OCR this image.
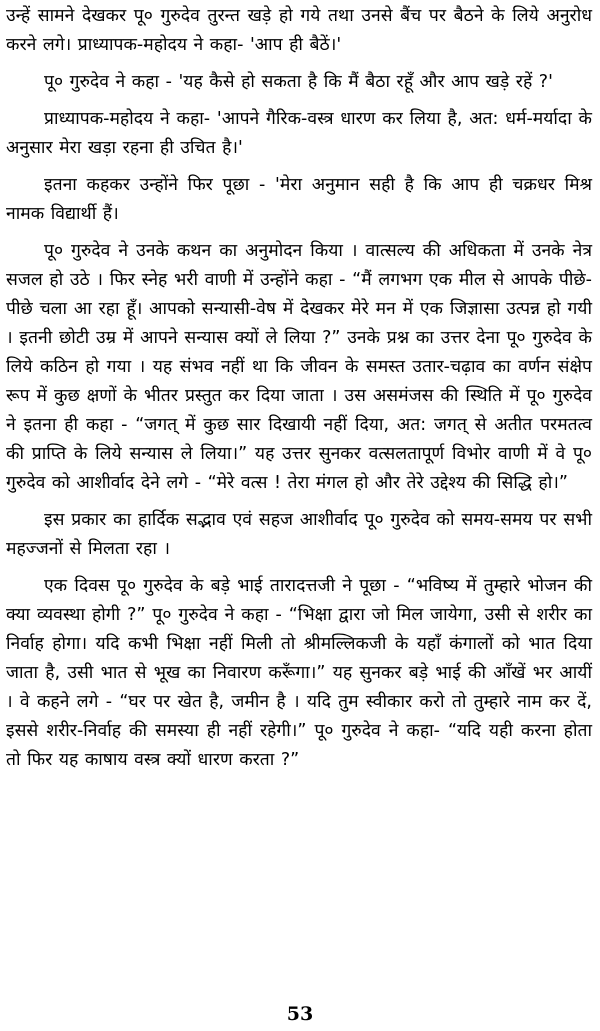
उन्हें सामने देखकर पू० गुरुदेव तुरन्त खड़े हो गये तथा उनसे बैंच पर बैठने के लिये अनुरोध करने लगे। प्राध्यापक-महोदय ने कहा- 'आप ही बैठें।'

पू० गुरुदेव ने कहा - 'यह कैसे हो सकता है कि मैं बैठा रहूँ और आप खड़े रहें ?'

प्राध्यापक-महोदय ने कहा- 'आपने गैरिक-वस्त्र धारण कर लिया है, अत: धर्म-मर्यादा के अनुसार मेरा खड़ा रहना ही उचित है।'

इतना कहकर उन्होंने फिर पूछा - 'मेरा अनुमान सही है कि आप ही चक्रधर मिश्र नामक विद्यार्थी हैं।

पू० गुरुदेव ने उनके कथन का अनुमोदन किया । वात्सल्य की अधिकता में उनके नेत्र सजल हो उठे । फिर स्नेह भरी वाणी में उन्होंने कहा - “मैं लगभग एक मील से आपके पीछे-पीछे चला आ रहा हूँ। आपको सन्यासी-वेष में देखकर मेरे मन में एक जिज्ञासा उत्पन्न हो गयी । इतनी छोटी उम्र में आपने सन्यास क्यों ले लिया ?” उनके प्रश्न का उत्तर देना पू० गुरुदेव के लिये कठिन हो गया । यह संभव नहीं था कि जीवन के समस्त उतार-चढ़ाव का वर्णन संक्षेप रूप में कुछ क्षणों के भीतर प्रस्तुत कर दिया जाता । उस असमंजस की स्थिति में पू० गुरुदेव ने इतना ही कहा - “जगत् में कुछ सार दिखायी नहीं दिया, अत: जगत् से अतीत परमतत्व की प्राप्ति के लिये सन्यास ले लिया।” यह उत्तर सुनकर वत्सलतापूर्ण विभोर वाणी में वे पू० गुरुदेव को आशीर्वाद देने लगे - “मेरे वत्स ! तेरा मंगल हो और तेरे उद्देश्य की सिद्धि हो।”

इस प्रकार का हार्दिक सद्भाव एवं सहज आशीर्वाद पू० गुरुदेव को समय-समय पर सभी महज्जनों से मिलता रहा ।

एक दिवस पू० गुरुदेव के बड़े भाई तारादत्तजी ने पूछा - “भविष्य में तुम्हारे भोजन की क्या व्यवस्था होगी ?” पू० गुरुदेव ने कहा - “भिक्षा द्वारा जो मिल जायेगा, उसी से शरीर का निर्वाह होगा। यदि कभी भिक्षा नहीं मिली तो श्रीमल्लिकजी के यहाँ कंगालों को भात दिया जाता है, उसी भात से भूख का निवारण करूँगा।” यह सुनकर बड़े भाई की आँखें भर आयीं । वे कहने लगे - “घर पर खेत है, जमीन है । यदि तुम स्वीकार करो तो तुम्हारे नाम कर दें, इससे शरीर-निर्वाह की समस्या ही नहीं रहेगी।” पू० गुरुदेव ने कहा- “यदि यही करना होता तो फिर यह काषाय वस्त्र क्यों धारण करता ?”

53
